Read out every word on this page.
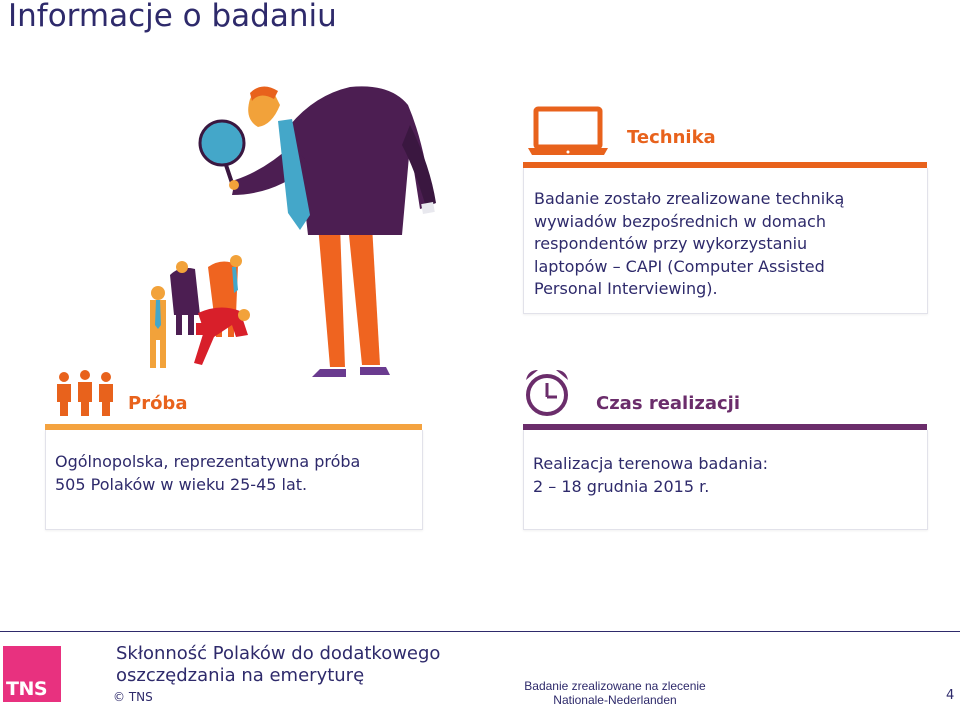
Informacje o badaniu
Technika
Badanie zostało zrealizowane techniką
wywiadów bezpośrednich w domach
respondentów przy wykorzystaniu
laptopów – CAPI (Computer Assisted
Personal Interviewing).
Próba
Ogólnopolska, reprezentatywna próba
505 Polaków w wieku 25-45 lat.
Czas realizacji
Realizacja terenowa badania:
2 – 18 grudnia 2015 r.
TNS
Skłonność Polaków do dodatkowego
oszczędzania na emeryturę
© TNS
Badanie zrealizowane na zlecenie
Nationale-Nederlanden	4
